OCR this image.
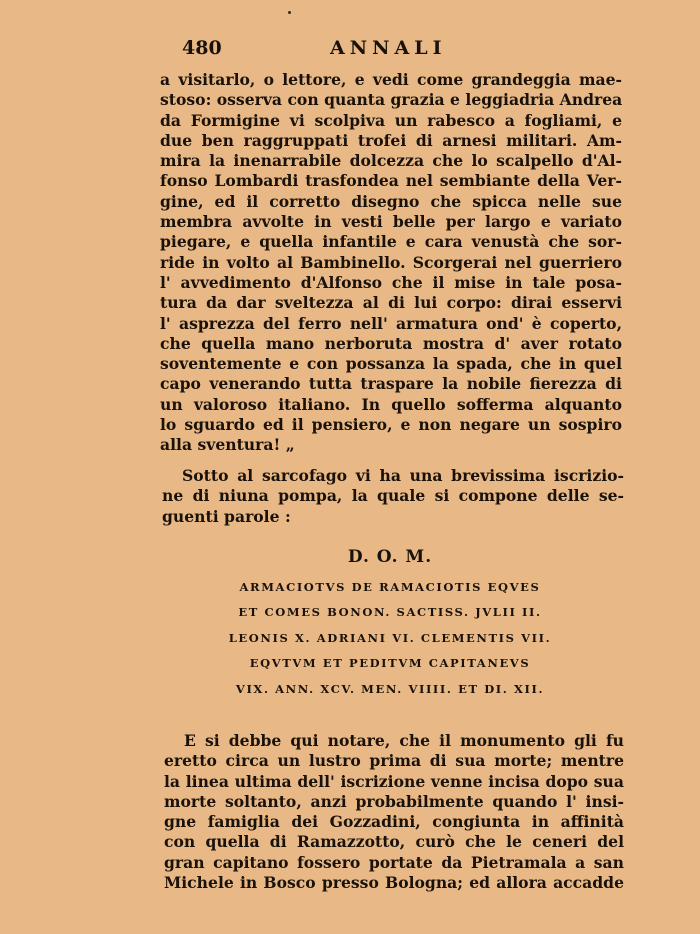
480	ANNALI
a visitarlo, o lettore, e vedi come grandeggia mae-
stoso: osserva con quanta grazia e leggiadria Andrea
da Formigine vi scolpiva un rabesco a fogliami, e
due ben raggruppati trofei di arnesi militari. Am-
mira la inenarrabile dolcezza che lo scalpello d'Al-
fonso Lombardi trasfondea nel sembiante della Ver-
gine, ed il corretto disegno che spicca nelle sue
membra avvolte in vesti belle per largo e variato
piegare, e quella infantile e cara venustà che sor-
ride in volto al Bambinello. Scorgerai nel guerriero
l' avvedimento d'Alfonso che il mise in tale posa-
tura da dar sveltezza al di lui corpo: dirai esservi
l' asprezza del ferro nell' armatura ond' è coperto,
che quella mano nerboruta mostra d' aver rotato
soventemente e con possanza la spada, che in quel
capo venerando tutta traspare la nobile fierezza di
un valoroso italiano. In quello sofferma alquanto
lo sguardo ed il pensiero, e non negare un sospiro
alla sventura! „
Sotto al sarcofago vi ha una brevissima iscrizio-
ne di niuna pompa, la quale si compone delle se-
guenti parole :
D. O. M.
ARMACIOTVS DE RAMACIOTIS EQVES
ET COMES BONON. SACTISS. JVLII II.
LEONIS X. ADRIANI VI. CLEMENTIS VII.
EQVTVM ET PEDITVM CAPITANEVS
VIX. ANN. XCV. MEN. VIIII. ET DI. XII.
E si debbe qui notare, che il monumento gli fu
eretto circa un lustro prima di sua morte; mentre
la linea ultima dell' iscrizione venne incisa dopo sua
morte soltanto, anzi probabilmente quando l' insi-
gne famiglia dei Gozzadini, congiunta in affinità
con quella di Ramazzotto, curò che le ceneri del
gran capitano fossero portate da Pietramala a san
Michele in Bosco presso Bologna; ed allora accadde
